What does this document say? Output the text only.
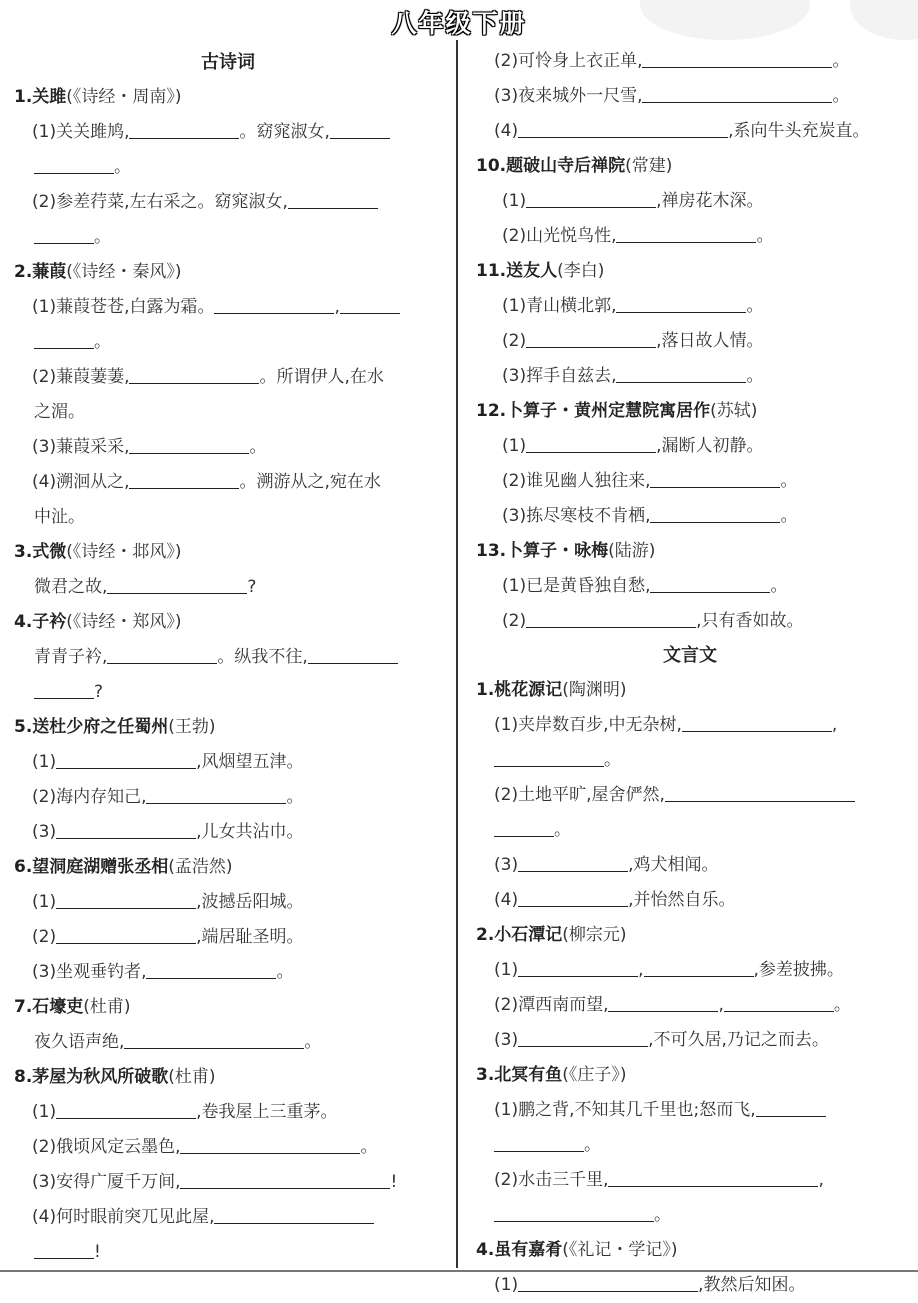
八年级下册
古诗词
1.关雎(《诗经・周南》)
(1)关关雎鸠,	。窈窕淑女,
。
(2)参差荇菜,左右采之。窈窕淑女,
。
2.蒹葭(《诗经・秦风》)
(1)蒹葭苍苍,白露为霜。	,
。
(2)蒹葭萋萋,	。所谓伊人,在水
之湄。
(3)蒹葭采采,	。
(4)溯洄从之,	。溯游从之,宛在水
中沚。
3.式微(《诗经・邶风》)
微君之故,	?
4.子衿(《诗经・郑风》)
青青子衿,	。纵我不往,
?
5.送杜少府之任蜀州(王勃)
(1)	,风烟望五津。
(2)海内存知己,	。
(3)	,儿女共沾巾。
6.望洞庭湖赠张丞相(孟浩然)
(1)	,波撼岳阳城。
(2)	,端居耻圣明。
(3)坐观垂钓者,	。
7.石壕吏(杜甫)
夜久语声绝,	。
8.茅屋为秋风所破歌(杜甫)
(1)	,卷我屋上三重茅。
(2)俄顷风定云墨色,	。
(3)安得广厦千万间,	!
(4)何时眼前突兀见此屋,
!
(2)可怜身上衣正单,	。
(3)夜来城外一尺雪,	。
(4)	,系向牛头充炭直。
10.题破山寺后禅院(常建)
(1)	,禅房花木深。
(2)山光悦鸟性,	。
11.送友人(李白)
(1)青山横北郭,	。
(2)	,落日故人情。
(3)挥手自兹去,	。
12.卜算子・黄州定慧院寓居作(苏轼)
(1)	,漏断人初静。
(2)谁见幽人独往来,	。
(3)拣尽寒枝不肯栖,	。
13.卜算子・咏梅(陆游)
(1)已是黄昏独自愁,	。
(2)	,只有香如故。
文言文
1.桃花源记(陶渊明)
(1)夹岸数百步,中无杂树,	,
。
(2)土地平旷,屋舍俨然,
。
(3)	,鸡犬相闻。
(4)	,并怡然自乐。
2.小石潭记(柳宗元)
(1)	,	,参差披拂。
(2)潭西南而望,	,	。
(3)	,不可久居,乃记之而去。
3.北冥有鱼(《庄子》)
(1)鹏之背,不知其几千里也;怒而飞,
。
(2)水击三千里,	,
。
4.虽有嘉肴(《礼记・学记》)
(1)	,教然后知困。
